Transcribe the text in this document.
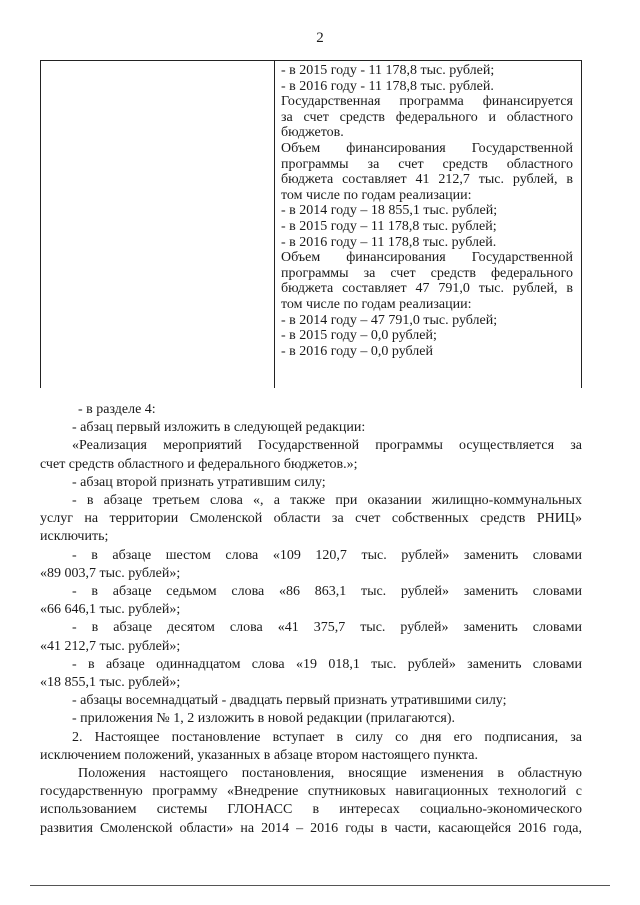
2
- в 2015 году - 11 178,8 тыс. рублей;
- в 2016 году - 11 178,8 тыс. рублей.
Государственная программа финансируется
за счет средств федерального и областного
бюджетов.
Объем финансирования Государственной
программы за счет средств областного
бюджета составляет 41 212,7 тыс. рублей, в
том числе по годам реализации:
- в 2014 году – 18 855,1 тыс. рублей;
- в 2015 году – 11 178,8 тыс. рублей;
- в 2016 году – 11 178,8 тыс. рублей.
Объем финансирования Государственной
программы за счет средств федерального
бюджета составляет 47 791,0 тыс. рублей, в
том числе по годам реализации:
- в 2014 году – 47 791,0 тыс. рублей;
- в 2015 году – 0,0 рублей;
- в 2016 году – 0,0 рублей
- в разделе 4:
- абзац первый изложить в следующей редакции:
«Реализация мероприятий Государственной программы осуществляется за
счет средств областного и федерального бюджетов.»;
- абзац второй признать утратившим силу;
- в абзаце третьем слова «, а также при оказании жилищно-коммунальных
услуг на территории Смоленской области за счет собственных средств РНИЦ»
исключить;
- в абзаце шестом слова «109 120,7 тыс. рублей» заменить словами
«89 003,7 тыс. рублей»;
- в абзаце седьмом слова «86 863,1 тыс. рублей» заменить словами
«66 646,1 тыс. рублей»;
- в абзаце десятом слова «41 375,7 тыс. рублей» заменить словами
«41 212,7 тыс. рублей»;
- в абзаце одиннадцатом слова «19 018,1 тыс. рублей» заменить словами
«18 855,1 тыс. рублей»;
- абзацы восемнадцатый - двадцать первый признать утратившими силу;
- приложения № 1, 2 изложить в новой редакции (прилагаются).
2. Настоящее постановление вступает в силу со дня его подписания, за
исключением положений, указанных в абзаце втором настоящего пункта.
Положения настоящего постановления, вносящие изменения в областную
государственную программу «Внедрение спутниковых навигационных технологий с
использованием системы ГЛОНАСС в интересах социально-экономического
развития Смоленской области» на 2014 – 2016 годы в части, касающейся 2016 года,
